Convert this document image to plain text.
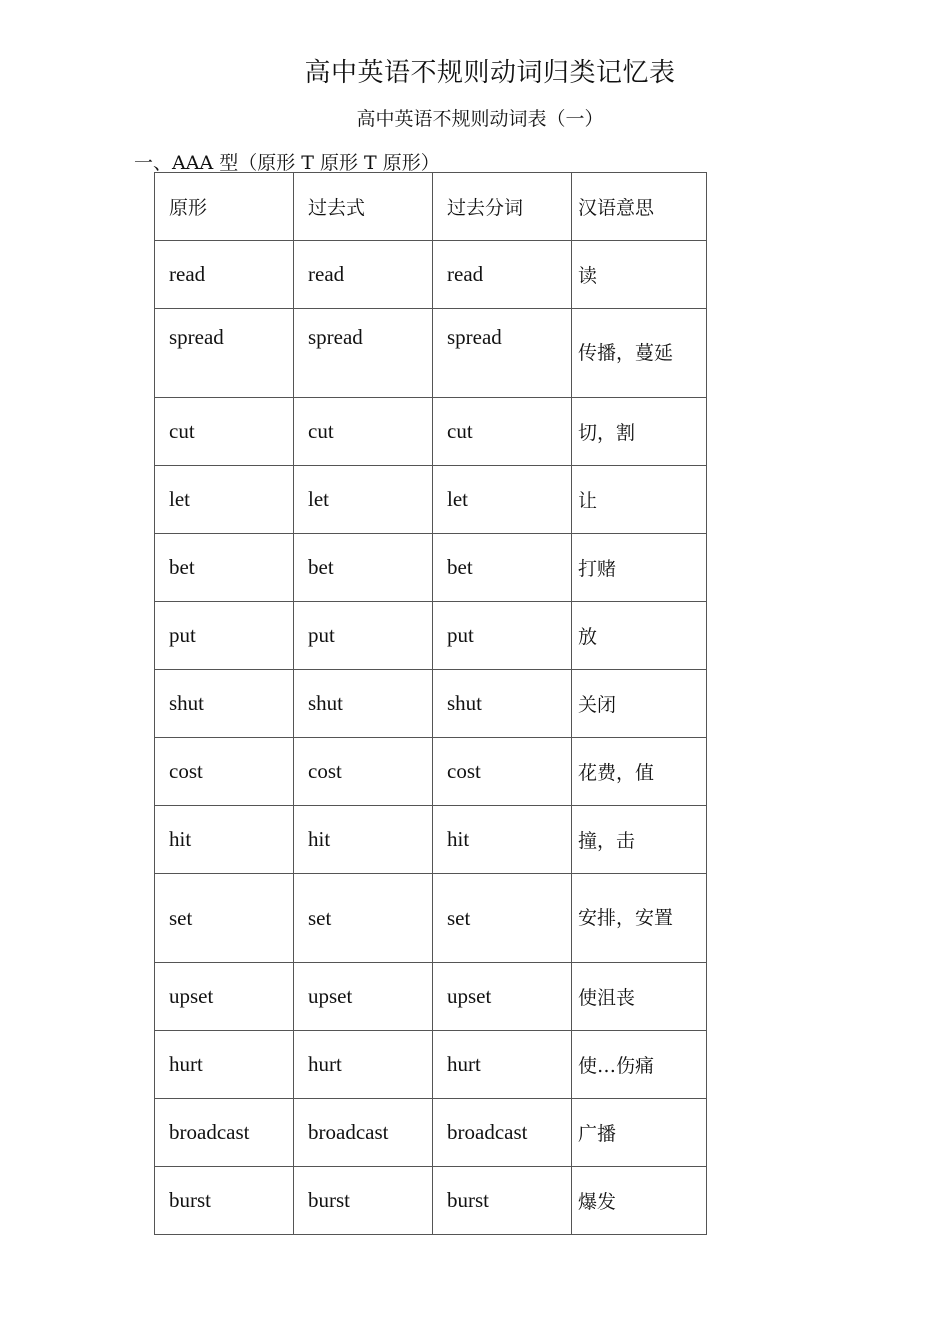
高中英语不规则动词归类记忆表
高中英语不规则动词表（一）
一、AAA 型（原形 T 原形 T 原形）
原形	过去式	过去分词	汉语意思
read	read	read	读
spread	spread	spread	传播，蔓延
cut	cut	cut	切，割
let	let	let	让
bet	bet	bet	打赌
put	put	put	放
shut	shut	shut	关闭
cost	cost	cost	花费，值
hit	hit	hit	撞，击
set	set	set	安排，安置
upset	upset	upset	使沮丧
hurt	hurt	hurt	使…伤痛
broadcast	broadcast	broadcast	广播
burst	burst	burst	爆发
